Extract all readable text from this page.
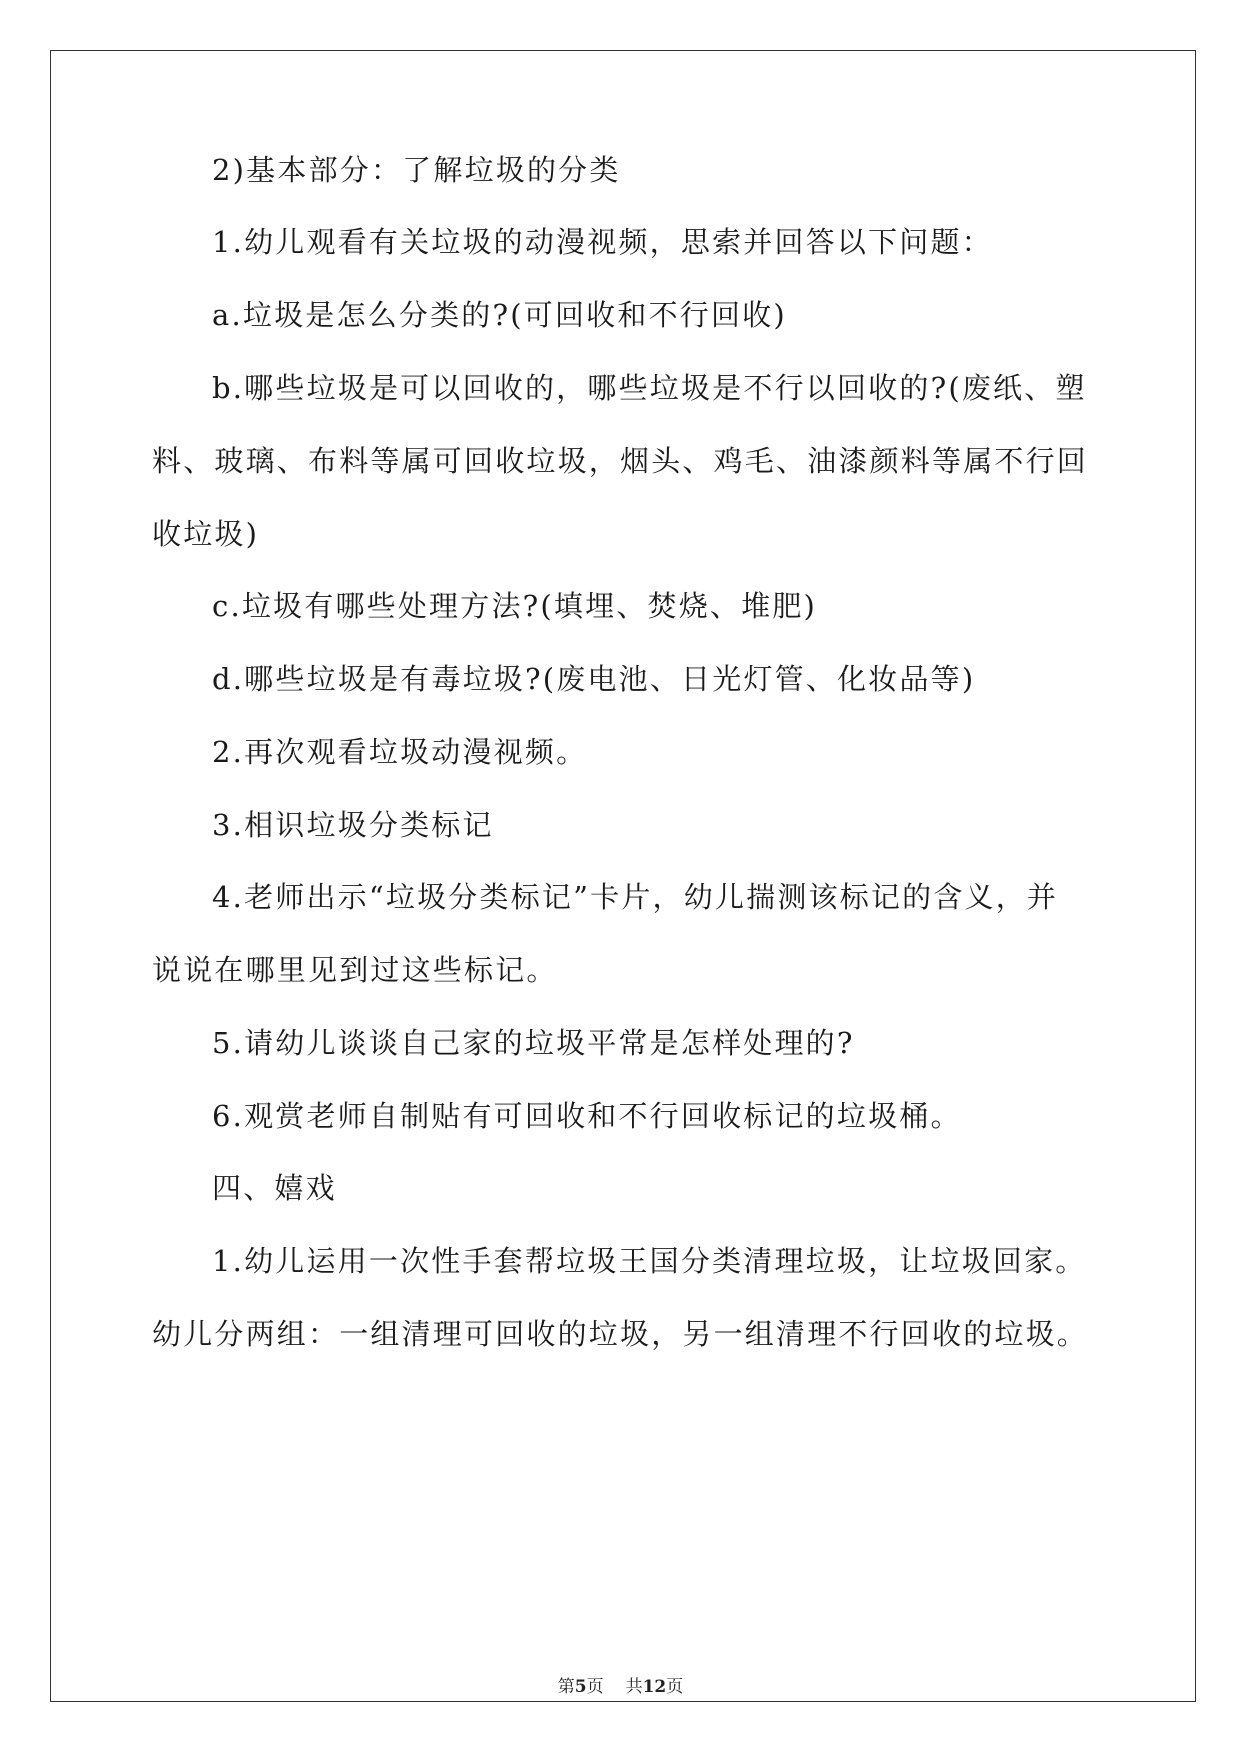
2)基本部分：了解垃圾的分类
1.幼儿观看有关垃圾的动漫视频，思索并回答以下问题：
a.垃圾是怎么分类的?(可回收和不行回收)
b.哪些垃圾是可以回收的，哪些垃圾是不行以回收的?(废纸、塑
料、玻璃、布料等属可回收垃圾，烟头、鸡毛、油漆颜料等属不行回
收垃圾)
c.垃圾有哪些处理方法?(填埋、焚烧、堆肥)
d.哪些垃圾是有毒垃圾?(废电池、日光灯管、化妆品等)
2.再次观看垃圾动漫视频。
3.相识垃圾分类标记
4.老师出示“垃圾分类标记”卡片，幼儿揣测该标记的含义，并
说说在哪里见到过这些标记。
5.请幼儿谈谈自己家的垃圾平常是怎样处理的?
6.观赏老师自制贴有可回收和不行回收标记的垃圾桶。
四、嬉戏
1.幼儿运用一次性手套帮垃圾王国分类清理垃圾，让垃圾回家。
幼儿分两组：一组清理可回收的垃圾，另一组清理不行回收的垃圾。
第5页 共12页
